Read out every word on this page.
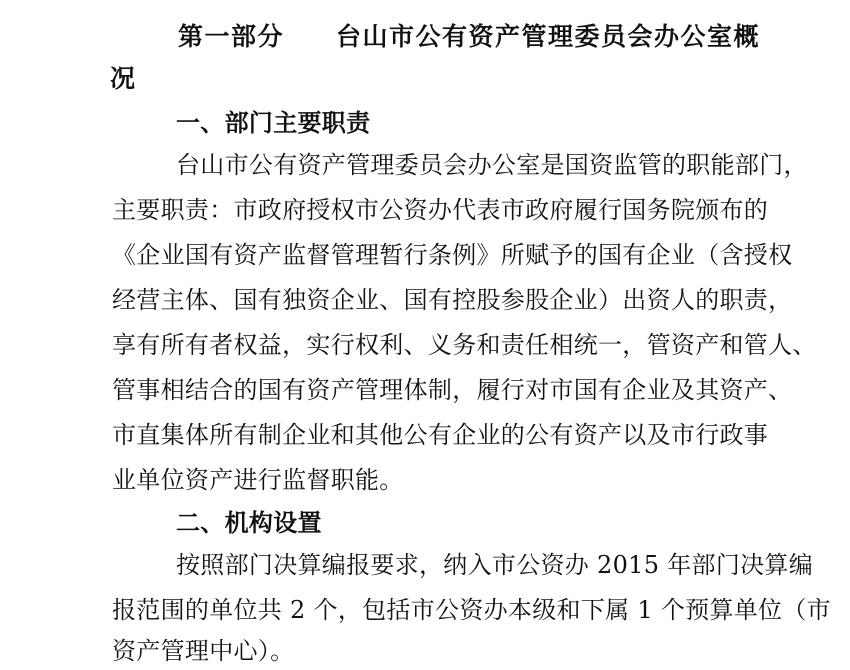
第一部分 台山市公有资产管理委员会办公室概
况
一、部门主要职责
台山市公有资产管理委员会办公室是国资监管的职能部门，
主要职责：市政府授权市公资办代表市政府履行国务院颁布的
《企业国有资产监督管理暂行条例》所赋予的国有企业（含授权
经营主体、国有独资企业、国有控股参股企业）出资人的职责，
享有所有者权益，实行权利、义务和责任相统一，管资产和管人、
管事相结合的国有资产管理体制，履行对市国有企业及其资产、
市直集体所有制企业和其他公有企业的公有资产以及市行政事
业单位资产进行监督职能。
二、机构设置
按照部门决算编报要求，纳入市公资办 2015 年部门决算编
报范围的单位共 2 个，包括市公资办本级和下属 1 个预算单位（市
资产管理中心）。
